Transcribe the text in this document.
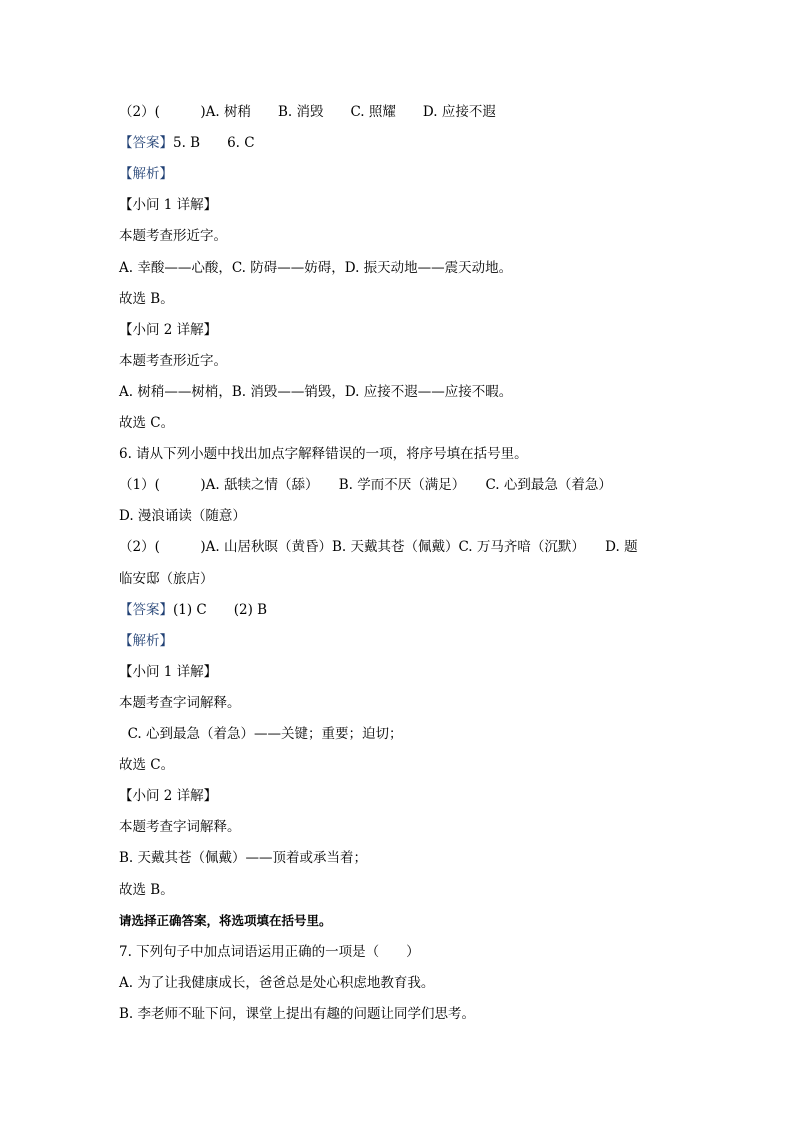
（2）(　　　)A. 树稍　　B. 消毁　　C. 照耀　　D. 应接不遐
【答案】5. B　　6. C
【解析】
【小问 1 详解】
本题考查形近字。
A. 幸酸——心酸，C. 防碍——妨碍，D. 振天动地——震天动地。
故选 B。
【小问 2 详解】
本题考查形近字。
A. 树稍——树梢，B. 消毁——销毁，D. 应接不遐——应接不暇。
故选 C。
6. 请从下列小题中找出加点字解释错误的一项，将序号填在括号里。
（1）(　　　)A. 舐犊之情（舔）　　B. 学而不厌（满足）　　C. 心到最急（着急）
D. 漫浪诵读（随意）
（2）(　　　)A. 山居秋暝（黄昏）B. 天戴其苍（佩戴）C. 万马齐喑（沉默）　　D. 题
临安邸（旅店）
【答案】(1) C　　(2) B
【解析】
【小问 1 详解】
本题考查字词解释。
C. 心到最急（着急）——关键；重要；迫切；
故选 C。
【小问 2 详解】
本题考查字词解释。
B. 天戴其苍（佩戴）——顶着或承当着；
故选 B。
请选择正确答案，将选项填在括号里。
7. 下列句子中加点词语运用正确的一项是（　　）
A. 为了让我健康成长，爸爸总是处心积虑地教育我。
B. 李老师不耻下问，课堂上提出有趣的问题让同学们思考。
